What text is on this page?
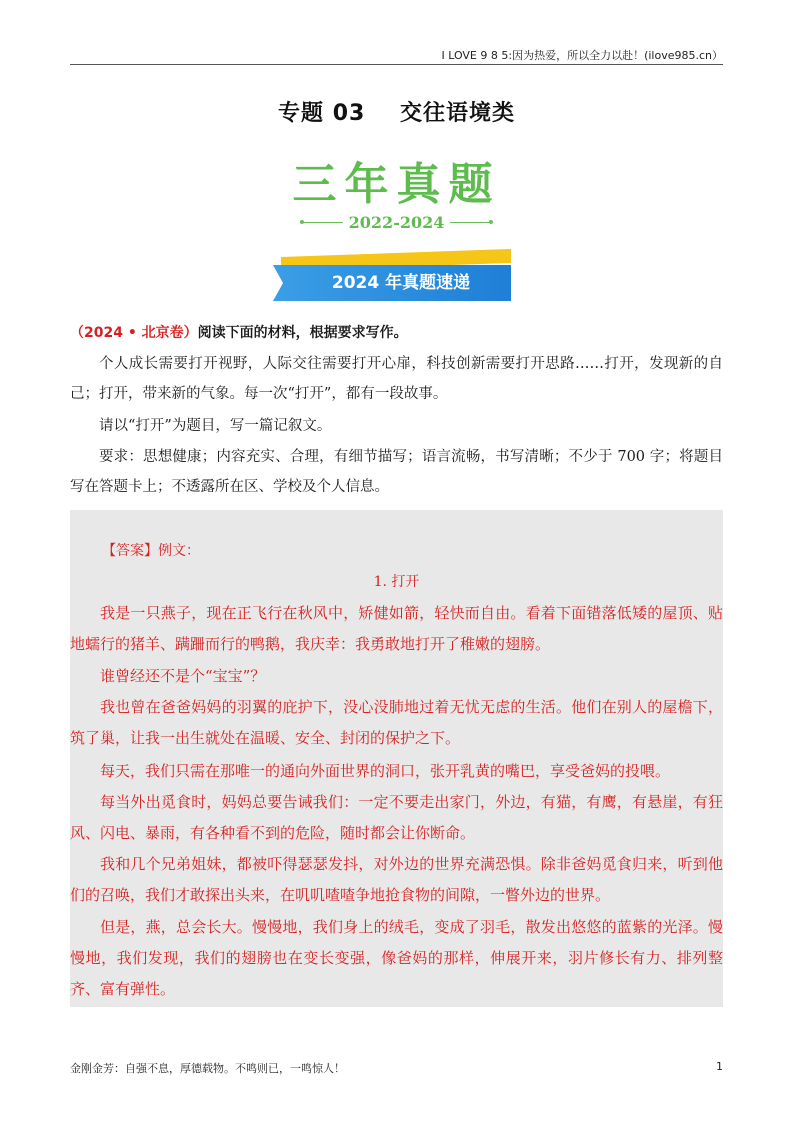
I LOVE 9 8 5:因为热爱，所以全力以赴！(ilove985.cn）
专题 03    交往语境类
三年真题
2022-2024
2024 年真题速递
（2024 • 北京卷）阅读下面的材料，根据要求写作。
个人成长需要打开视野，人际交往需要打开心扉，科技创新需要打开思路……打开，发现新的自己；打开，带来新的气象。每一次“打开”，都有一段故事。
请以“打开”为题目，写一篇记叙文。
要求：思想健康；内容充实、合理，有细节描写；语言流畅，书写清晰；不少于 700 字；将题目写在答题卡上；不透露所在区、学校及个人信息。
【答案】例文：
1. 打开
我是一只燕子，现在正飞行在秋风中，矫健如箭，轻快而自由。看着下面错落低矮的屋顶、贴地蠕行的猪羊、蹒跚而行的鸭鹅，我庆幸：我勇敢地打开了稚嫩的翅膀。
谁曾经还不是个“宝宝”？
我也曾在爸爸妈妈的羽翼的庇护下，没心没肺地过着无忧无虑的生活。他们在别人的屋檐下，筑了巢，让我一出生就处在温暖、安全、封闭的保护之下。
每天，我们只需在那唯一的通向外面世界的洞口，张开乳黄的嘴巴，享受爸妈的投喂。
每当外出觅食时，妈妈总要告诫我们：一定不要走出家门，外边，有猫，有鹰，有悬崖，有狂风、闪电、暴雨，有各种看不到的危险，随时都会让你断命。
我和几个兄弟姐妹，都被吓得瑟瑟发抖，对外边的世界充满恐惧。除非爸妈觅食归来，听到他们的召唤，我们才敢探出头来，在叽叽喳喳争地抢食物的间隙，一瞥外边的世界。
但是，燕，总会长大。慢慢地，我们身上的绒毛，变成了羽毛，散发出悠悠的蓝紫的光泽。慢慢地，我们发现，我们的翅膀也在变长变强，像爸妈的那样，伸展开来，羽片修长有力、排列整齐、富有弹性。
金刚金芳：自强不息，厚德载物。不鸣则已，一鸣惊人！	1
